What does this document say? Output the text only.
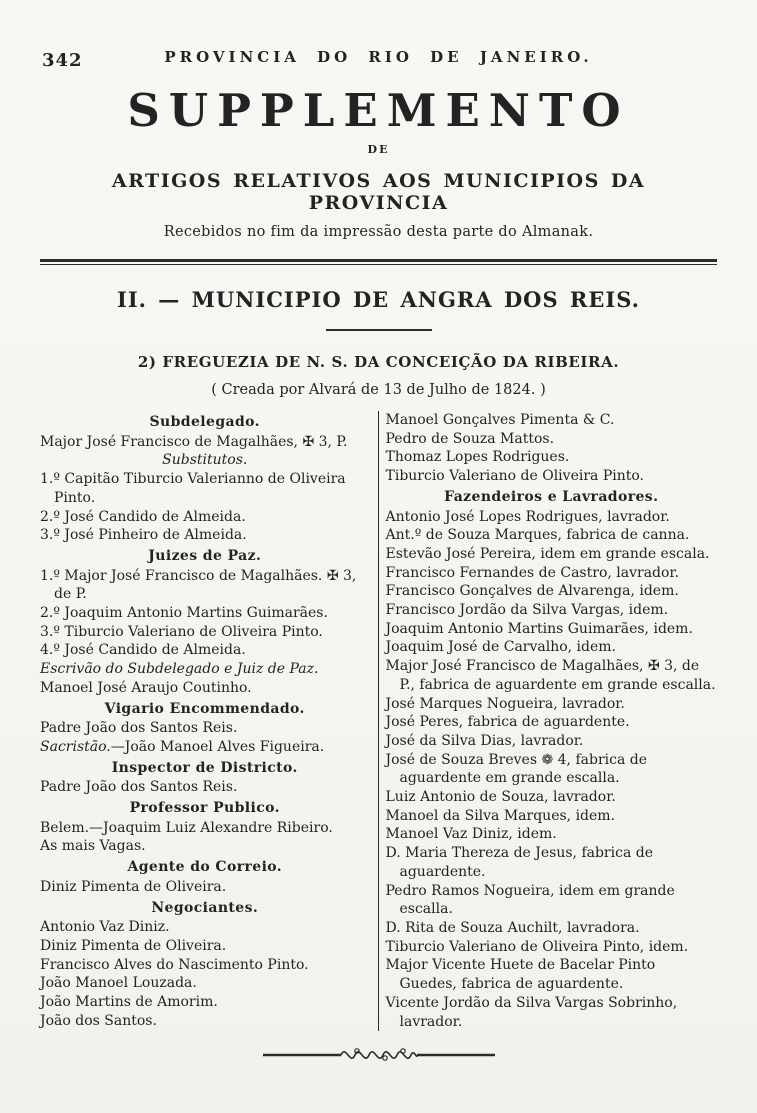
342	PROVINCIA DO RIO DE JANEIRO.
SUPPLEMENTO
DE
ARTIGOS RELATIVOS AOS MUNICIPIOS DA PROVINCIA
Recebidos no fim da impressão desta parte do Almanak.
II. — MUNICIPIO DE ANGRA DOS REIS.
2) FREGUEZIA DE N. S. DA CONCEIÇÃO DA RIBEIRA.
( Creada por Alvará de 13 de Julho de 1824. )
Subdelegado.
Major José Francisco de Magalhães, ✠ 3, P.
Substitutos.
1.º Capitão Tiburcio Valerianno de Oliveira Pinto.
2.º José Candido de Almeida.
3.º José Pinheiro de Almeida.
Juizes de Paz.
1.º Major José Francisco de Magalhães. ✠ 3, de P.
2.º Joaquim Antonio Martins Guimarães.
3.º Tiburcio Valeriano de Oliveira Pinto.
4.º José Candido de Almeida.
Escrivão do Subdelegado e Juiz de Paz.
Manoel José Araujo Coutinho.
Vigario Encommendado.
Padre João dos Santos Reis.
Sacristão.—João Manoel Alves Figueira.
Inspector de Districto.
Padre João dos Santos Reis.
Professor Publico.
Belem.—Joaquim Luiz Alexandre Ribeiro.
As mais Vagas.
Agente do Correio.
Diniz Pimenta de Oliveira.
Negociantes.
Antonio Vaz Diniz.
Diniz Pimenta de Oliveira.
Francisco Alves do Nascimento Pinto.
João Manoel Louzada.
João Martins de Amorim.
João dos Santos.
Manoel Gonçalves Pimenta & C.
Pedro de Souza Mattos.
Thomaz Lopes Rodrigues.
Tiburcio Valeriano de Oliveira Pinto.
Fazendeiros e Lavradores.
Antonio José Lopes Rodrigues, lavrador.
Ant.º de Souza Marques, fabrica de canna.
Estevão José Pereira, idem em grande escala.
Francisco Fernandes de Castro, lavrador.
Francisco Gonçalves de Alvarenga, idem.
Francisco Jordão da Silva Vargas, idem.
Joaquim Antonio Martins Guimarães, idem.
Joaquim José de Carvalho, idem.
Major José Francisco de Magalhães, ✠ 3, de P., fabrica de aguardente em grande escalla.
José Marques Nogueira, lavrador.
José Peres, fabrica de aguardente.
José da Silva Dias, lavrador.
José de Souza Breves ❁ 4, fabrica de aguardente em grande escalla.
Luiz Antonio de Souza, lavrador.
Manoel da Silva Marques, idem.
Manoel Vaz Diniz, idem.
D. Maria Thereza de Jesus, fabrica de aguardente.
Pedro Ramos Nogueira, idem em grande escalla.
D. Rita de Souza Auchilt, lavradora.
Tiburcio Valeriano de Oliveira Pinto, idem.
Major Vicente Huete de Bacelar Pinto Guedes, fabrica de aguardente.
Vicente Jordão da Silva Vargas Sobrinho, lavrador.
